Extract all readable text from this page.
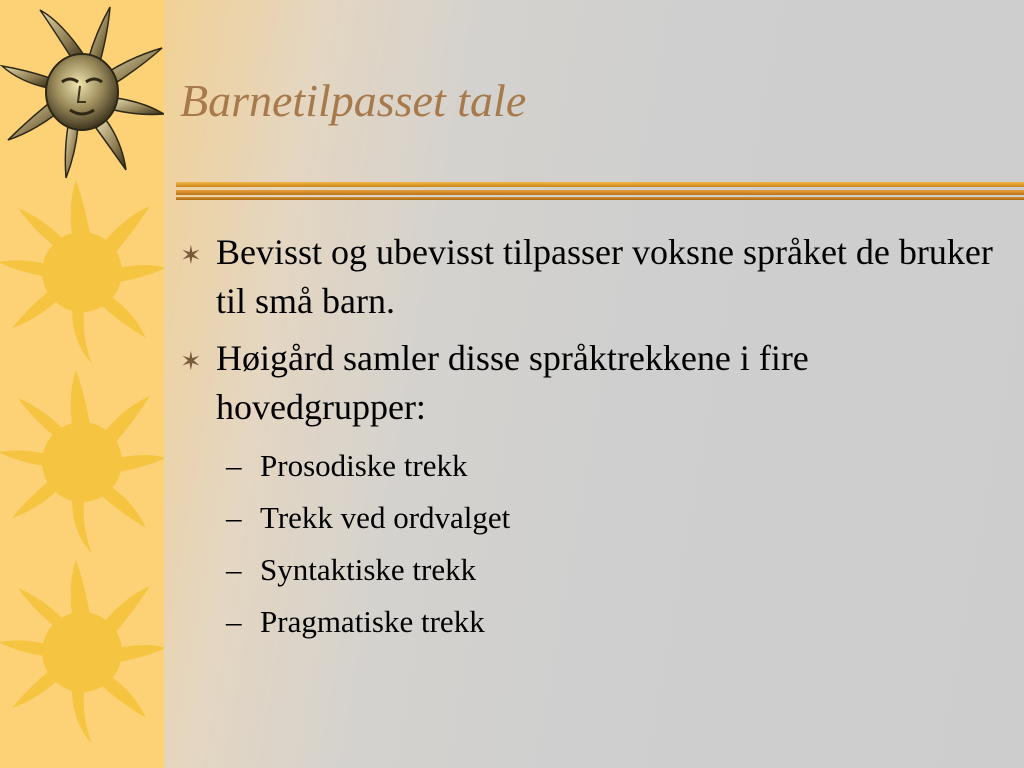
Barnetilpasset tale
✶ Bevisst og ubevisst tilpasser voksne språket de bruker til små barn.
✶ Høigård samler disse språktrekkene i fire hovedgrupper:
– Prosodiske trekk
– Trekk ved ordvalget
– Syntaktiske trekk
– Pragmatiske trekk
